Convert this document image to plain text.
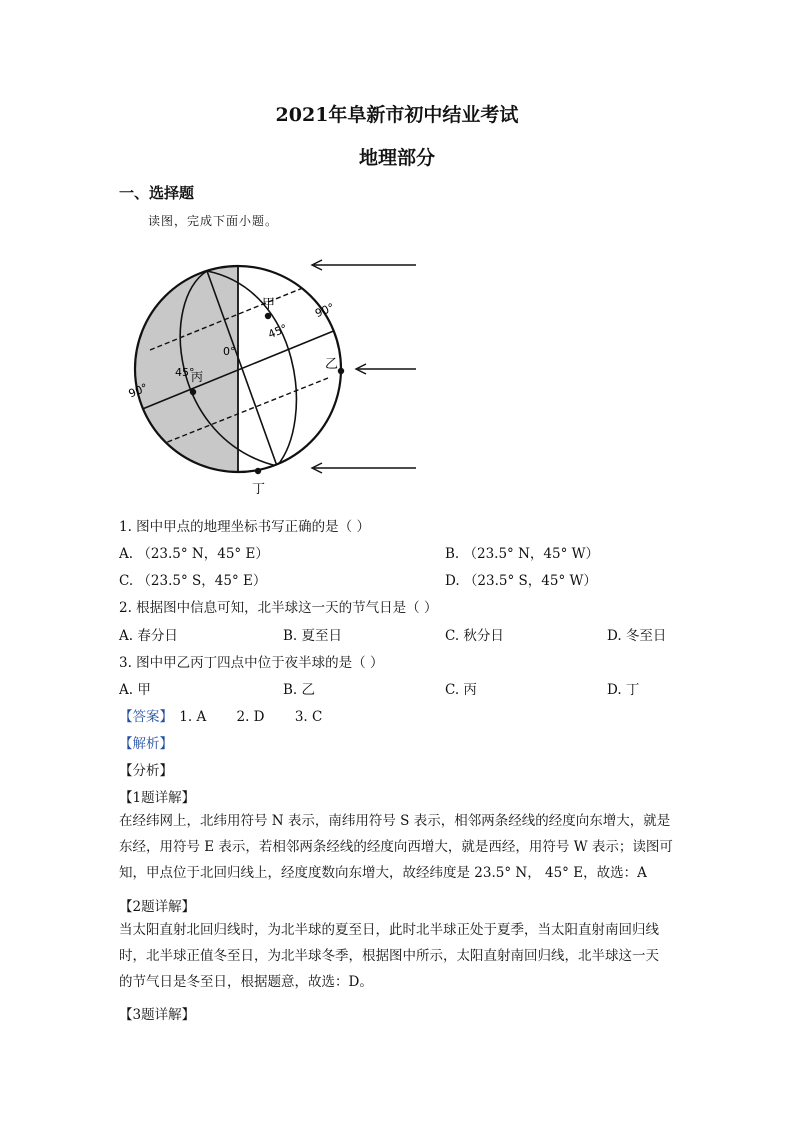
2021年阜新市初中结业考试
地理部分
一、选择题
读图，完成下面小题。
甲
乙
丙
丁
90°
45°
0°
45°
90°
1. 图中甲点的地理坐标书写正确的是（ ）
A. （23.5° N，45° E）	B. （23.5° N，45° W）
C. （23.5° S，45° E）	D. （23.5° S，45° W）
2. 根据图中信息可知，北半球这一天的节气日是（ ）
A. 春分日	B. 夏至日	C. 秋分日	D. 冬至日
3. 图中甲乙丙丁四点中位于夜半球的是（ ）
A. 甲	B. 乙	C. 丙	D. 丁
【答案】 1. A 2. D 3. C
【解析】
【分析】
【1题详解】
在经纬网上，北纬用符号 N 表示，南纬用符号 S 表示，相邻两条经线的经度向东增大，就是
东经，用符号 E 表示，若相邻两条经线的经度向西增大，就是西经，用符号 W 表示；读图可
知，甲点位于北回归线上，经度度数向东增大，故经纬度是 23.5° N， 45° E，故选：A
【2题详解】
当太阳直射北回归线时，为北半球的夏至日，此时北半球正处于夏季，当太阳直射南回归线
时，北半球正值冬至日，为北半球冬季，根据图中所示，太阳直射南回归线，北半球这一天
的节气日是冬至日，根据题意，故选：D。
【3题详解】
